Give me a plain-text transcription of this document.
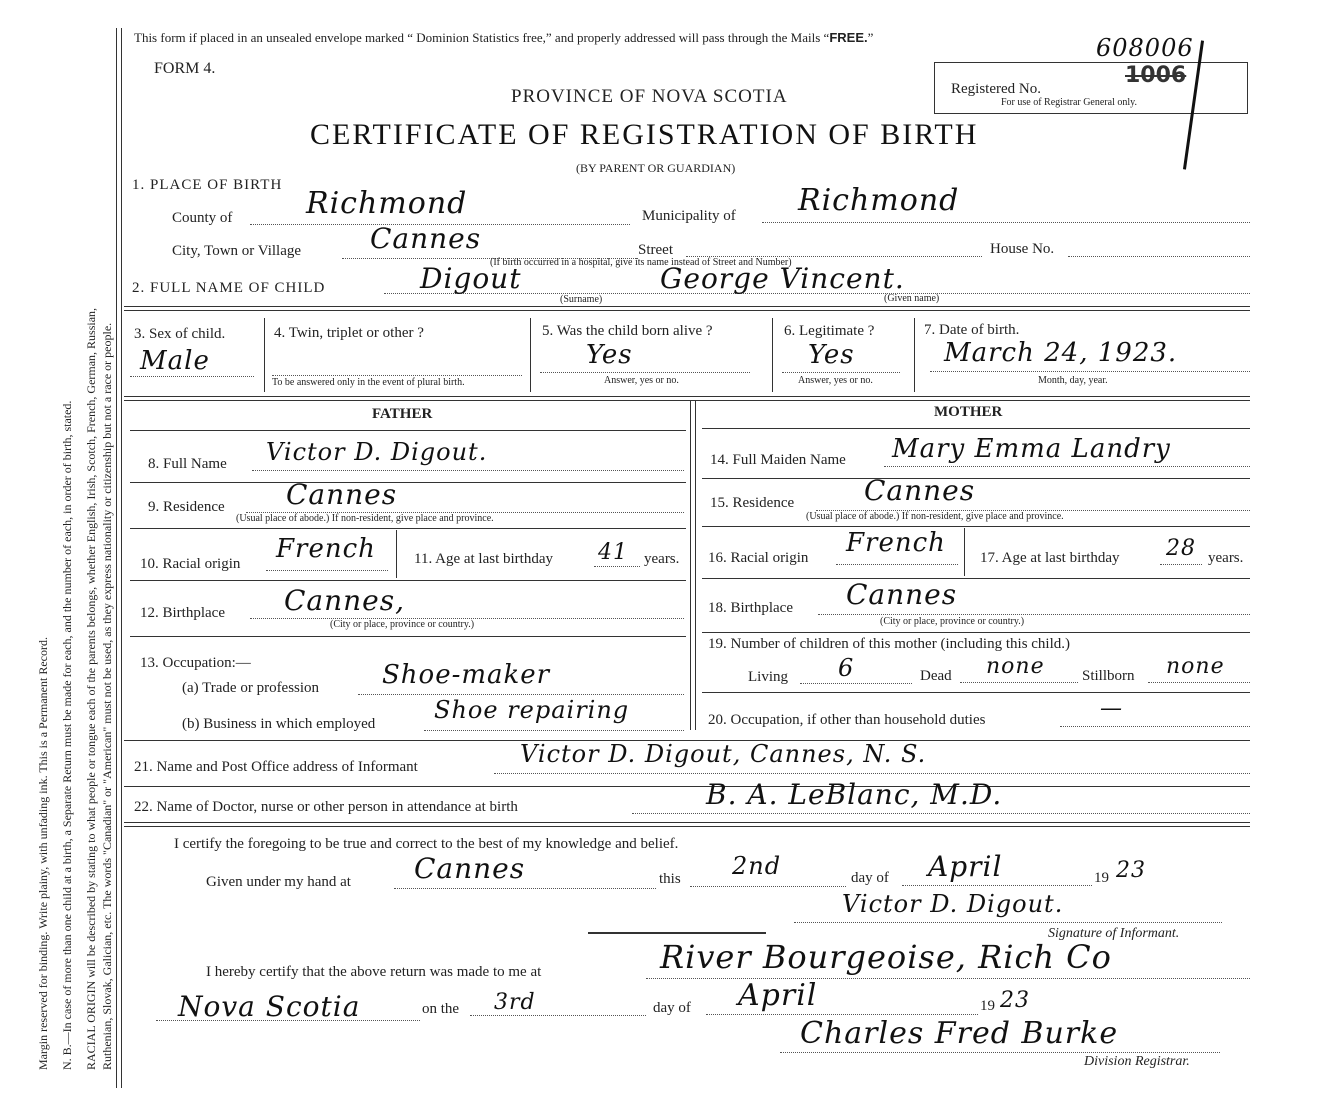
Margin reserved for binding. Write plainy, with unfading ink. This is a Permanent Record. N. B.—In case of more than one child at a birth, a Separate Return must be made for each, and the number of each, in order of birth, stated. RACIAL ORIGIN will be described by stating to what people or tongue each of the parents belongs, whether English, Irish, Scotch, French, German, Russian, Ruthenian, Slovak, Galician, etc. The words "Canadian" or "American" must not be used, as they express nationality or citizenship but not a race or people.
This form if placed in an unsealed envelope marked “ Dominion Statistics free,” and properly addressed will pass through the Mails “FREE.”
FORM 4.
PROVINCE OF NOVA SCOTIA
CERTIFICATE OF REGISTRATION OF BIRTH
(BY PARENT OR GUARDIAN)
Registered No.
For use of Registrar General only.
1006
608006
1. PLACE OF BIRTH
County of Richmond	Municipality of Richmond
City, Town or Village Cannes	Street	House No.
(If birth occurred in a hospital, give its name instead of Street and Number)
2. FULL NAME OF CHILD	Digout	George Vincent.
(Surname)	(Given name)
3. Sex of child.
Male
4. Twin, triplet or other ?
To be answered only in the event of plural birth.
5. Was the child born alive ?
Yes
Answer, yes or no.
6. Legitimate ?
Yes
Answer, yes or no.
7. Date of birth.
March 24, 1923.
Month, day, year.
FATHER
8. Full Name Victor D. Digout.
9. Residence Cannes
(Usual place of abode.) If non-resident, give place and province.
10. Racial origin French	11. Age at last birthday 41 years.
12. Birthplace Cannes,
(City or place, province or country.)
13. Occupation:—
(a) Trade or profession Shoe-maker
(b) Business in which employed Shoe repairing
MOTHER
14. Full Maiden Name Mary Emma Landry
15. Residence Cannes
(Usual place of abode.) If non-resident, give place and province.
16. Racial origin French 17. Age at last birthday 28 years.
18. Birthplace Cannes
(City or place, province or country.)
19. Number of children of this mother (including this child.)
Living 6	Dead none Stillborn none
20. Occupation, if other than household duties	—
21. Name and Post Office address of Informant	Victor D. Digout, Cannes, N. S.
22. Name of Doctor, nurse or other person in attendance at birth	B. A. LeBlanc, M.D.
I certify the foregoing to be true and correct to the best of my knowledge and belief.
Given under my hand at Cannes	this 2nd	day of April	19 23
Victor D. Digout.
Signature of Informant.
I hereby certify that the above return was made to me at	River Bourgeoise, Rich Co
Nova Scotia	on the 3rd	day of April	19 23
Charles Fred Burke
Division Registrar.
